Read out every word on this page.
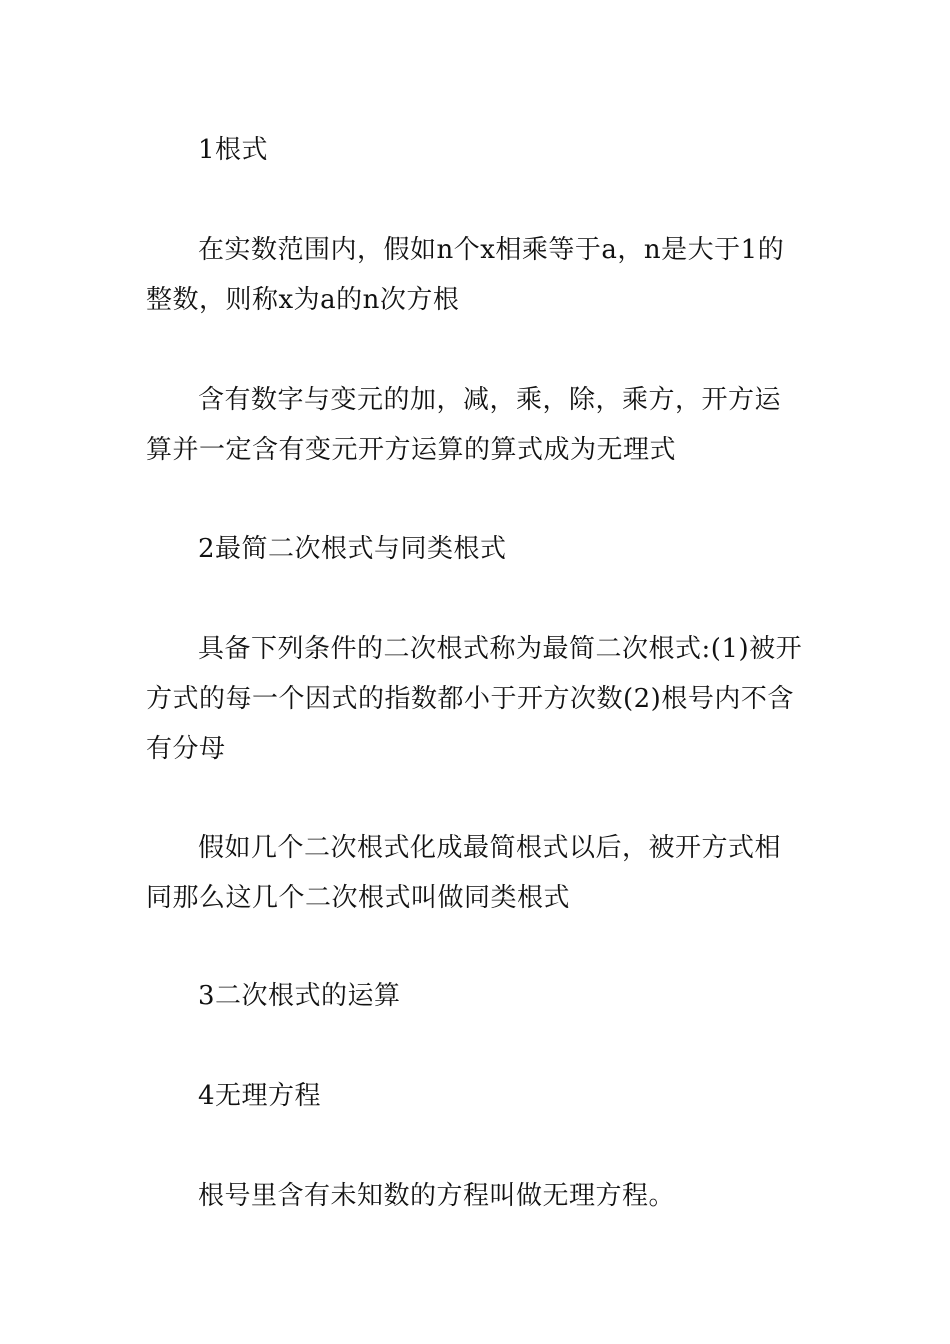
1根式

在实数范围内，假如n个x相乘等于a，n是大于1的整数，则称x为a的n次方根

含有数字与变元的加，减，乘，除，乘方，开方运算并一定含有变元开方运算的算式成为无理式

2最简二次根式与同类根式

具备下列条件的二次根式称为最简二次根式:(1)被开方式的每一个因式的指数都小于开方次数(2)根号内不含有分母

假如几个二次根式化成最简根式以后，被开方式相同那么这几个二次根式叫做同类根式

3二次根式的运算

4无理方程

根号里含有未知数的方程叫做无理方程。
